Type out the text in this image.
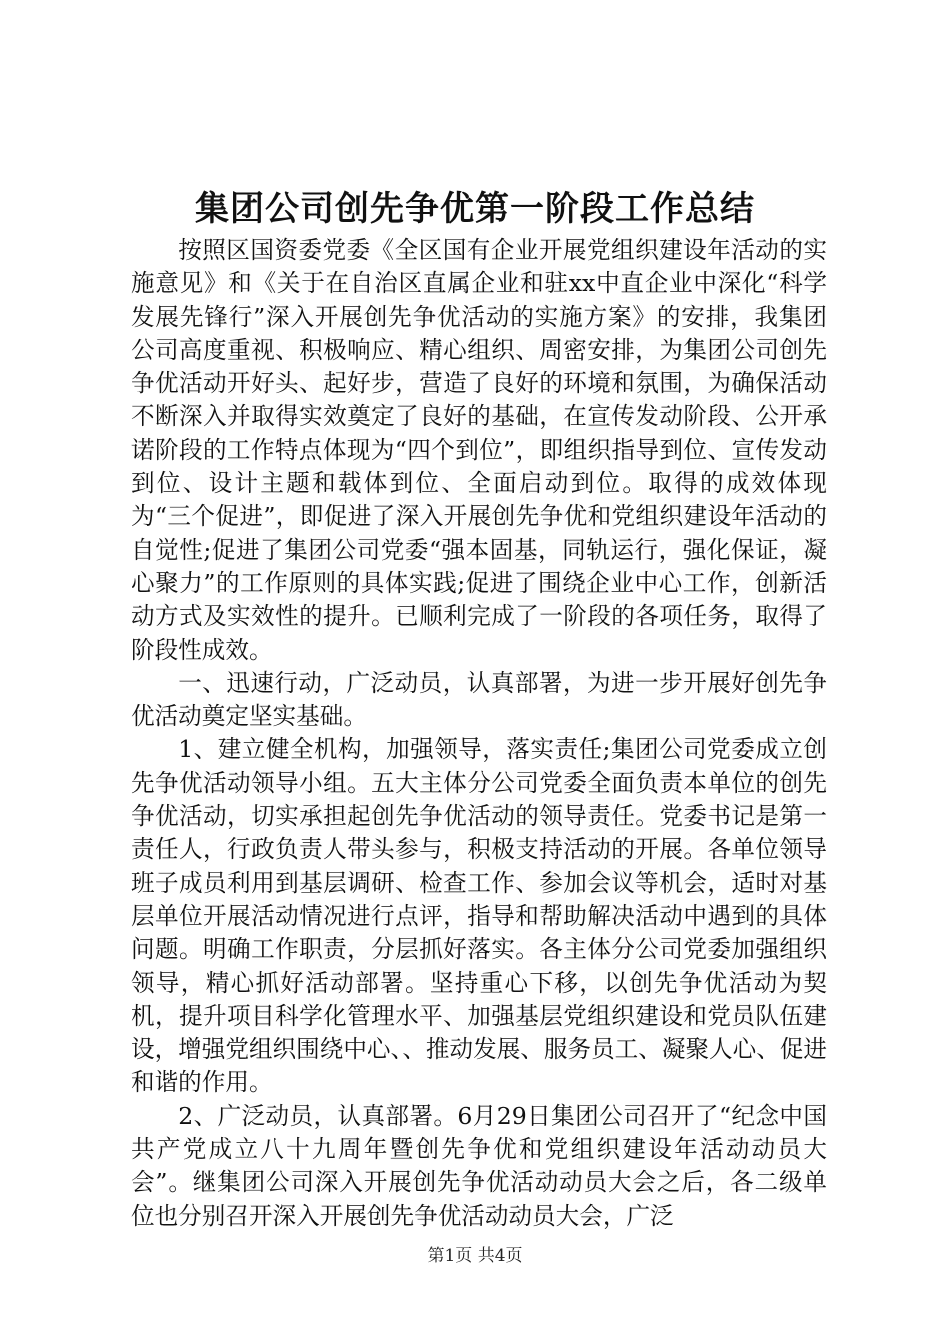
集团公司创先争优第一阶段工作总结

按照区国资委党委《全区国有企业开展党组织建设年活动的实施意见》和《关于在自治区直属企业和驻xx中直企业中深化“科学发展先锋行”深入开展创先争优活动的实施方案》的安排，我集团公司高度重视、积极响应、精心组织、周密安排，为集团公司创先争优活动开好头、起好步，营造了良好的环境和氛围，为确保活动不断深入并取得实效奠定了良好的基础，在宣传发动阶段、公开承诺阶段的工作特点体现为“四个到位”，即组织指导到位、宣传发动到位、设计主题和载体到位、全面启动到位。取得的成效体现为“三个促进”，即促进了深入开展创先争优和党组织建设年活动的自觉性;促进了集团公司党委“强本固基，同轨运行，强化保证，凝心聚力”的工作原则的具体实践;促进了围绕企业中心工作，创新活动方式及实效性的提升。已顺利完成了一阶段的各项任务，取得了阶段性成效。

一、迅速行动，广泛动员，认真部署，为进一步开展好创先争优活动奠定坚实基础。

1、建立健全机构，加强领导，落实责任;集团公司党委成立创先争优活动领导小组。五大主体分公司党委全面负责本单位的创先争优活动，切实承担起创先争优活动的领导责任。党委书记是第一责任人，行政负责人带头参与，积极支持活动的开展。各单位领导班子成员利用到基层调研、检查工作、参加会议等机会，适时对基层单位开展活动情况进行点评，指导和帮助解决活动中遇到的具体问题。明确工作职责，分层抓好落实。各主体分公司党委加强组织领导，精心抓好活动部署。坚持重心下移，以创先争优活动为契机，提升项目科学化管理水平、加强基层党组织建设和党员队伍建设，增强党组织围绕中心、、推动发展、服务员工、凝聚人心、促进和谐的作用。

2、广泛动员，认真部署。6月29日集团公司召开了“纪念中国共产党成立八十九周年暨创先争优和党组织建设年活动动员大会”。继集团公司深入开展创先争优活动动员大会之后，各二级单位也分别召开深入开展创先争优活动动员大会，广泛

第1页 共4页
